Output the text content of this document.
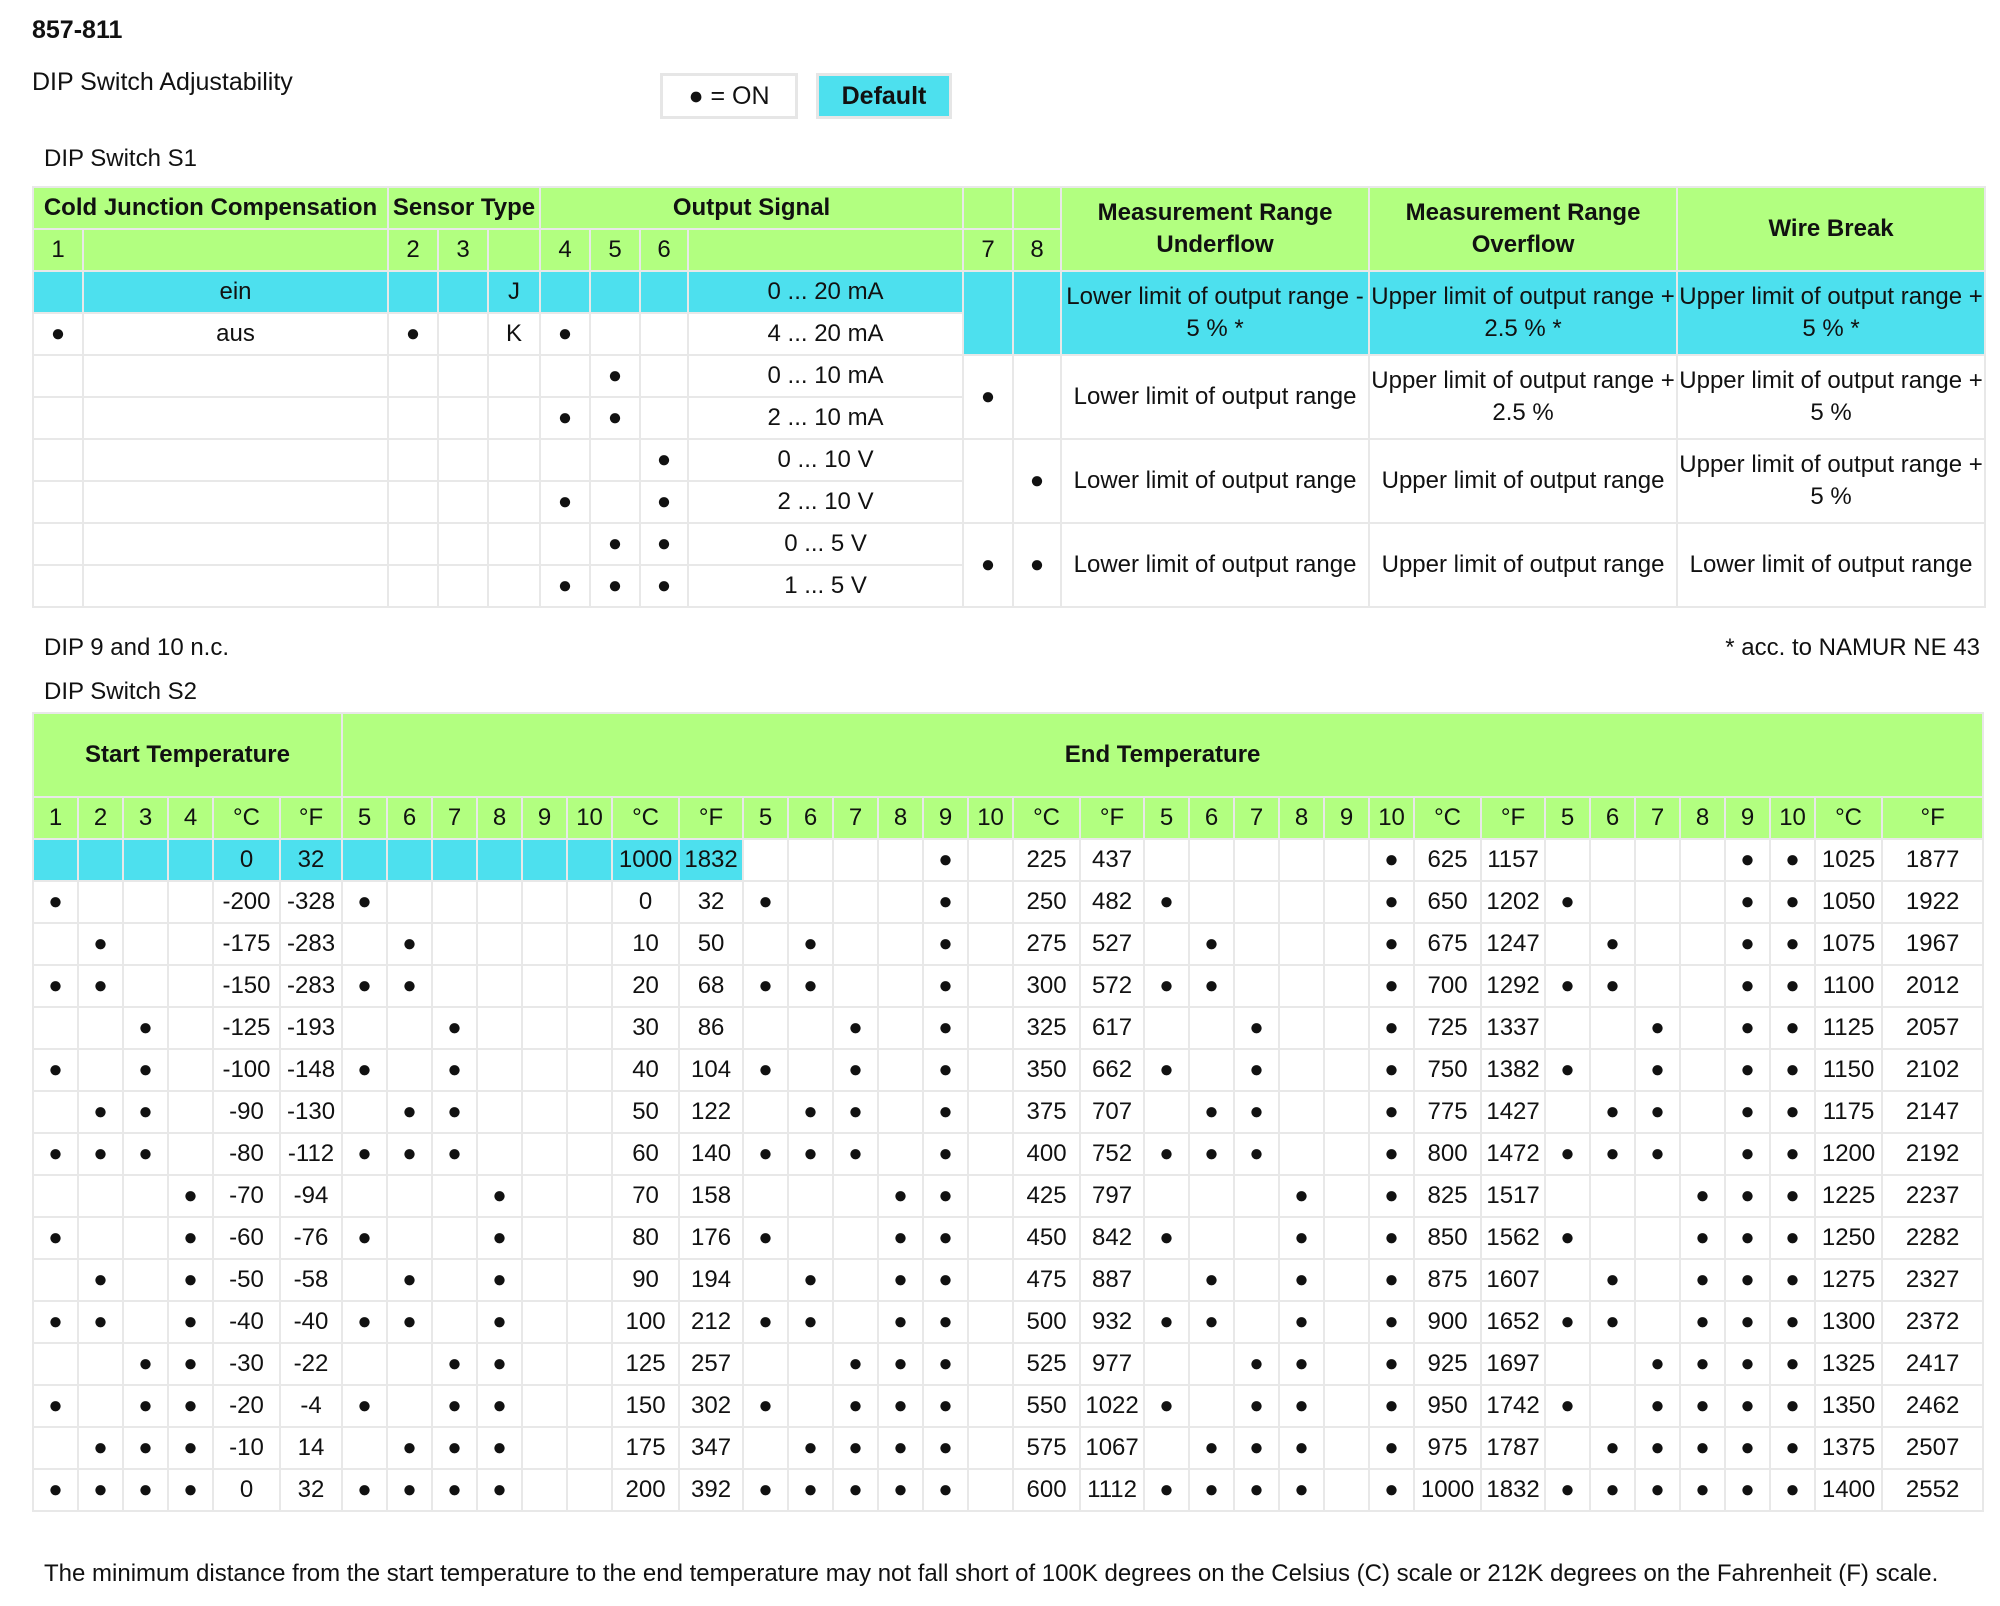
857-811
DIP Switch Adjustability	● = ON	Default
DIP Switch S1
Cold Junction Compensation		Sensor Type			Output Signal						Measurement Range Underflow	Measurement Range Overflow	Wire Break
1		2	3		4	5	6		7	8			
	ein			J				0 ... 20 mA			Lower limit of output range - 5 % *	Upper limit of output range + 2.5 % *	Upper limit of output range + 5 % *
●	aus	●		K	●			4 ... 20 mA					
						●		0 ... 10 mA	●		Lower limit of output range	Upper limit of output range + 2.5 %	Upper limit of output range + 5 %
					●	●		2 ... 10 mA					
							●	0 ... 10 V		●	Lower limit of output range	Upper limit of output range	Upper limit of output range + 5 %
					●		●	2 ... 10 V					
						●	●	0 ... 5 V	●	●	Lower limit of output range	Upper limit of output range	Lower limit of output range
					●	●	●	1 ... 5 V					
DIP 9 and 10 n.c.	* acc. to NAMUR NE 43
DIP Switch S2
Start Temperature						End Temperature																															
1	2	3	4	°C	°F	5	6	7	8	9	10	°C	°F	5	6	7	8	9	10	°C	°F	5	6	7	8	9	10	°C	°F	5	6	7	8	9	10	°C	°F
				0	32							1000	1832					●		225	437						●	625	1157					●	●	1025	1877
●				-200	-328	●						0	32	●				●		250	482	●					●	650	1202	●				●	●	1050	1922
	●			-175	-283		●					10	50		●			●		275	527		●				●	675	1247		●			●	●	1075	1967
●	●			-150	-283	●	●					20	68	●	●			●		300	572	●	●				●	700	1292	●	●			●	●	1100	2012
		●		-125	-193			●				30	86			●		●		325	617			●			●	725	1337			●		●	●	1125	2057
●		●		-100	-148	●		●				40	104	●		●		●		350	662	●		●			●	750	1382	●		●		●	●	1150	2102
	●	●		-90	-130		●	●				50	122		●	●		●		375	707		●	●			●	775	1427		●	●		●	●	1175	2147
●	●	●		-80	-112	●	●	●				60	140	●	●	●		●		400	752	●	●	●			●	800	1472	●	●	●		●	●	1200	2192
			●	-70	-94				●			70	158				●	●		425	797				●		●	825	1517				●	●	●	1225	2237
●			●	-60	-76	●			●			80	176	●			●	●		450	842	●			●		●	850	1562	●			●	●	●	1250	2282
	●		●	-50	-58		●		●			90	194		●		●	●		475	887		●		●		●	875	1607		●		●	●	●	1275	2327
●	●		●	-40	-40	●	●		●			100	212	●	●		●	●		500	932	●	●		●		●	900	1652	●	●		●	●	●	1300	2372
		●	●	-30	-22			●	●			125	257			●	●	●		525	977			●	●		●	925	1697			●	●	●	●	1325	2417
●		●	●	-20	-4	●		●	●			150	302	●		●	●	●		550	1022	●		●	●		●	950	1742	●		●	●	●	●	1350	2462
	●	●	●	-10	14		●	●	●			175	347		●	●	●	●		575	1067		●	●	●		●	975	1787		●	●	●	●	●	1375	2507
●	●	●	●	0	32	●	●	●	●			200	392	●	●	●	●	●		600	1112	●	●	●	●		●	1000	1832	●	●	●	●	●	●	1400	2552
The minimum distance from the start temperature to the end temperature may not fall short of 100K degrees on the Celsius (C) scale or 212K degrees on the Fahrenheit (F) scale.
